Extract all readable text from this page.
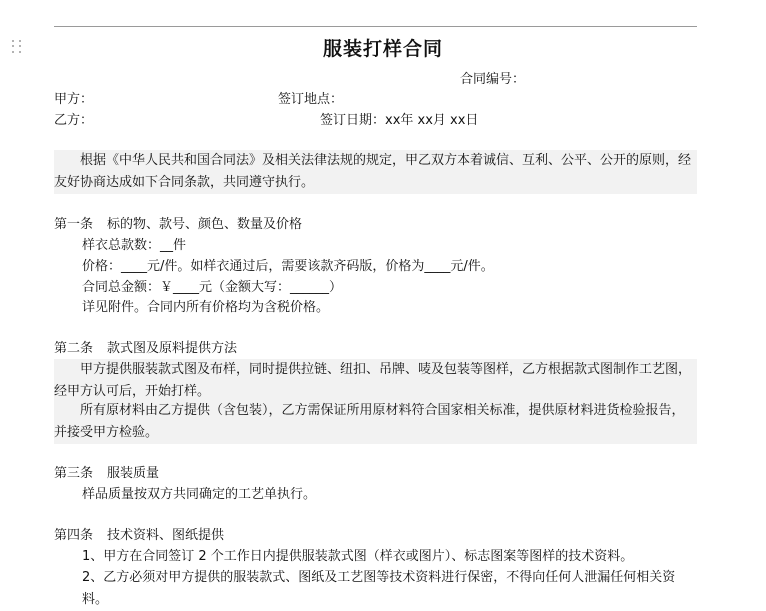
服装打样合同
合同编号：
甲方：	签订地点：
乙方：	签订日期：xx年 xx月 xx日
根据《中华人民共和国合同法》及相关法律法规的规定，甲乙双方本着诚信、互利、公平、公开的原则，经友好协商达成如下合同条款，共同遵守执行。
第一条 标的物、款号、颜色、数量及价格
样衣总款数：__件
价格：____元/件。如样衣通过后，需要该款齐码版，价格为____元/件。
合同总金额：￥____元（金额大写：______）
详见附件。合同内所有价格均为含税价格。
第二条 款式图及原料提供方法
甲方提供服装款式图及布样，同时提供拉链、纽扣、吊牌、唛及包装等图样，乙方根据款式图制作工艺图，经甲方认可后，开始打样。
所有原材料由乙方提供（含包装），乙方需保证所用原材料符合国家相关标准，提供原材料进货检验报告，并接受甲方检验。
第三条 服装质量
样品质量按双方共同确定的工艺单执行。
第四条 技术资料、图纸提供
1、甲方在合同签订 2 个工作日内提供服装款式图（样衣或图片）、标志图案等图样的技术资料。
2、乙方必须对甲方提供的服装款式、图纸及工艺图等技术资料进行保密，不得向任何人泄漏任何相关资料。
